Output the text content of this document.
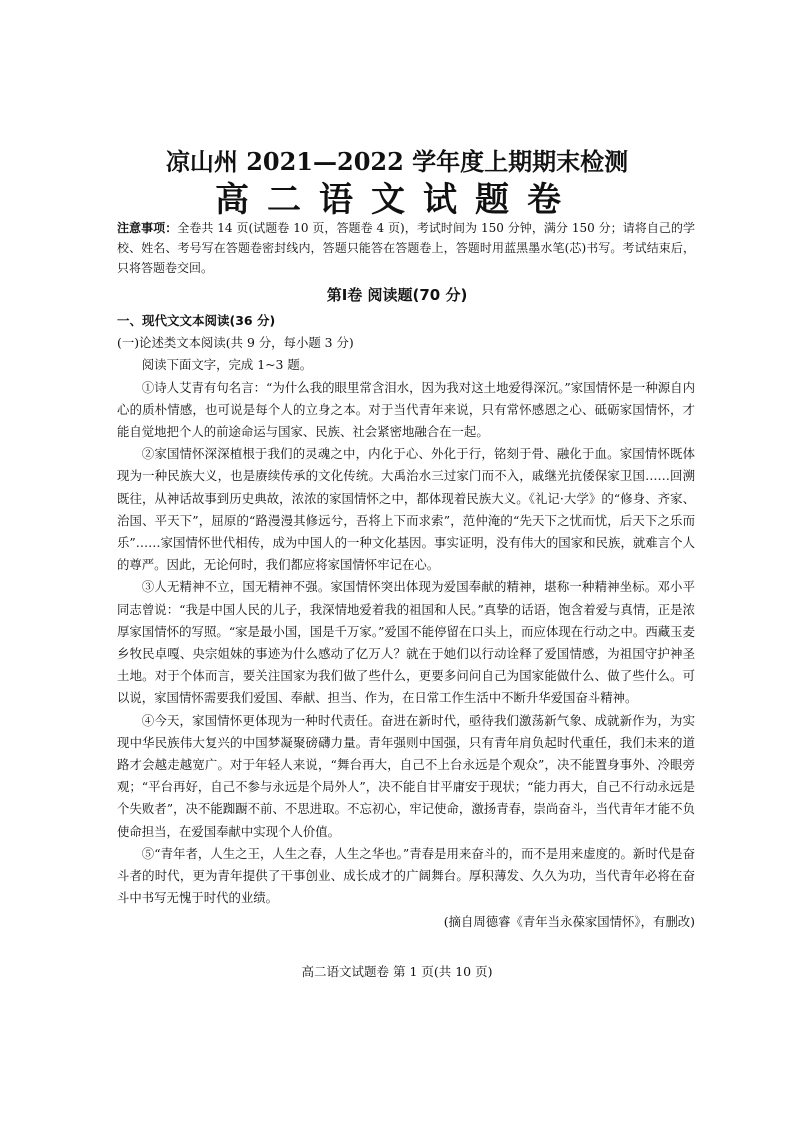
凉山州 2021—2022 学年度上期期末检测
高二语文试题卷
注意事项：全卷共 14 页(试题卷 10 页，答题卷 4 页)，考试时间为 150 分钟，满分 150 分；请将自己的学校、姓名、考号写在答题卷密封线内，答题只能答在答题卷上，答题时用蓝黑墨水笔(芯)书写。考试结束后，只将答题卷交回。
第Ⅰ卷 阅读题(70 分)
一、现代文文本阅读(36 分)
(一)论述类文本阅读(共 9 分，每小题 3 分)

阅读下面文字，完成 1~3 题。

①诗人艾青有句名言：“为什么我的眼里常含泪水，因为我对这土地爱得深沉。”家国情怀是一种源自内心的质朴情感，也可说是每个人的立身之本。对于当代青年来说，只有常怀感恩之心、砥砺家国情怀，才能自觉地把个人的前途命运与国家、民族、社会紧密地融合在一起。

②家国情怀深深植根于我们的灵魂之中，内化于心、外化于行，铭刻于骨、融化于血。家国情怀既体现为一种民族大义，也是赓续传承的文化传统。大禹治水三过家门而不入，戚继光抗倭保家卫国……回溯既往，从神话故事到历史典故，浓浓的家国情怀之中，都体现着民族大义。《礼记·大学》的“修身、齐家、治国、平天下”，屈原的“路漫漫其修远兮，吾将上下而求索”，范仲淹的“先天下之忧而忧，后天下之乐而乐”……家国情怀世代相传，成为中国人的一种文化基因。事实证明，没有伟大的国家和民族，就难言个人的尊严。因此，无论何时，我们都应将家国情怀牢记在心。

③人无精神不立，国无精神不强。家国情怀突出体现为爱国奉献的精神，堪称一种精神坐标。邓小平同志曾说：“我是中国人民的儿子，我深情地爱着我的祖国和人民。”真挚的话语，饱含着爱与真情，正是浓厚家国情怀的写照。“家是最小国，国是千万家。”爱国不能停留在口头上，而应体现在行动之中。西藏玉麦乡牧民卓嘎、央宗姐妹的事迹为什么感动了亿万人？就在于她们以行动诠释了爱国情感，为祖国守护神圣土地。对于个体而言，要关注国家为我们做了些什么，更要多问问自己为国家能做什么、做了些什么。可以说，家国情怀需要我们爱国、奉献、担当、作为，在日常工作生活中不断升华爱国奋斗精神。

④今天，家国情怀更体现为一种时代责任。奋进在新时代，亟待我们激荡新气象、成就新作为，为实现中华民族伟大复兴的中国梦凝聚磅礴力量。青年强则中国强，只有青年肩负起时代重任，我们未来的道路才会越走越宽广。对于年轻人来说，“舞台再大，自己不上台永远是个观众”，决不能置身事外、冷眼旁观；“平台再好，自己不参与永远是个局外人”，决不能自甘平庸安于现状；“能力再大，自己不行动永远是个失败者”，决不能踟蹰不前、不思进取。不忘初心，牢记使命，激扬青春，崇尚奋斗，当代青年才能不负使命担当，在爱国奉献中实现个人价值。

⑤“青年者，人生之王，人生之春，人生之华也。”青春是用来奋斗的，而不是用来虚度的。新时代是奋斗者的时代，更为青年提供了干事创业、成长成才的广阔舞台。厚积薄发、久久为功，当代青年必将在奋斗中书写无愧于时代的业绩。

(摘自周德睿《青年当永葆家国情怀》，有删改)

高二语文试题卷 第 1 页(共 10 页)
